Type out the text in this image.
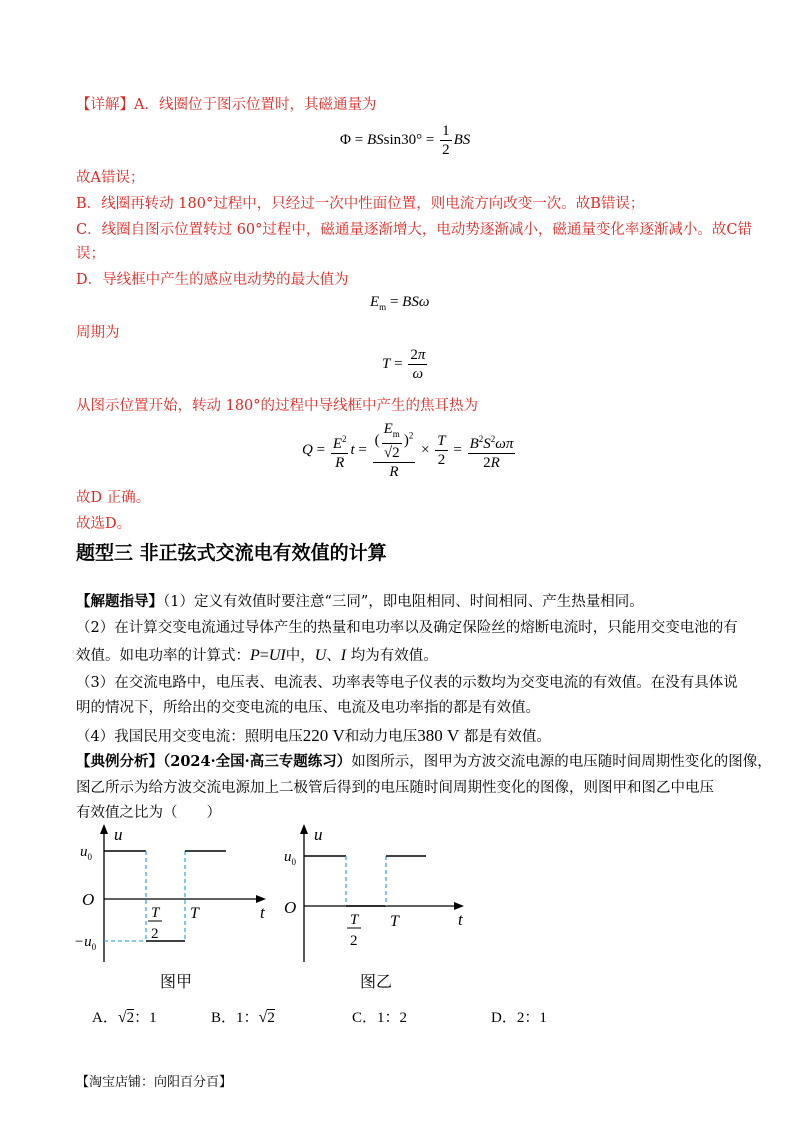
【详解】A．线圈位于图示位置时，其磁通量为
$\Phi = BSsin30^\circ = \frac{1}{2}$ BS
故A错误；
B．线圈再转动 180°过程中，只经过一次中性面位置，则电流方向改变一次。故B错误；
C．线圈自图示位置转过 60°过程中，磁通量逐渐增大，电动势逐渐减小，磁通量变化率逐渐减小。故C错
误；
D．导线框中产生的感应电动势的最大值为
$E_m = BS\omega$
周期为
$T = \frac{2\pi}{\omega}$
从图示位置开始，转动 180°的过程中导线框中产生的焦耳热为
$Q = \frac{E^2}{R}$ $t = \frac{( \frac{E_m}{√2} )^2}{R} \times \frac{T}{2} = \frac{B^2S^2\omega\pi}{2R}$
故D 正确。
故选D。
题型三 非正弦式交流电有效值的计算
【解题指导】（1）定义有效值时要注意“三同”，即电阻相同、时间相同、产生热量相同。
（2）在计算交变电流通过导体产生的热量和电功率以及确定保险丝的熔断电流时，只能用交变电池的有
效值。如电功率的计算式：P=UI中，U、I 均为有效值。
（3）在交流电路中，电压表、电流表、功率表等电子仪表的示数均为交变电流的有效值。在没有具体说
明的情况下，所给出的交变电流的电压、电流及电功率指的都是有效值。
（4）我国民用交变电流：照明电压220 V和动力电压380 V 都是有效值。
【典例分析】（2024·全国·高三专题练习）如图所示，图甲为方波交流电源的电压随时间周期性变化的图像，
图乙所示为给方波交流电源加上二极管后得到的电压随时间周期性变化的图像，则图甲和图乙中电压
有效值之比为（　　）
u
t
O
$u_0$
$-u_0$
T
2
T
图甲
u
t
O
$u_0$
T
2
T
图乙
A．√2：1	B．1：√2	C．1：2	D．2：1
【淘宝店铺：向阳百分百】
